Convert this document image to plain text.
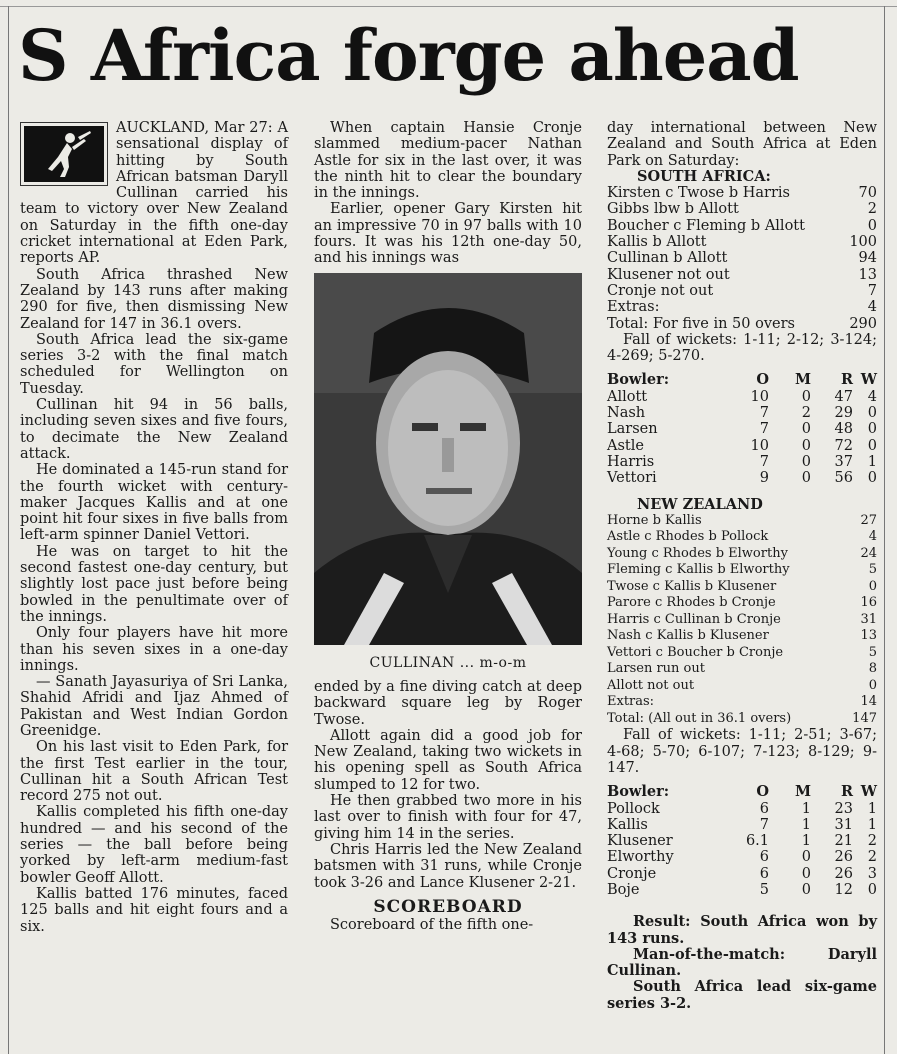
S Africa forge ahead

AUCKLAND, Mar 27: A sensational display of hitting by South African batsman Daryll Cullinan carried his team to victory over New Zealand on Saturday in the fifth one-day cricket international at Eden Park, reports AP.

South Africa thrashed New Zealand by 143 runs after making 290 for five, then dismissing New Zealand for 147 in 36.1 overs.

South Africa lead the six-game series 3-2 with the final match scheduled for Wellington on Tuesday.

Cullinan hit 94 in 56 balls, including seven sixes and five fours, to decimate the New Zealand attack.

He dominated a 145-run stand for the fourth wicket with century-maker Jacques Kallis and at one point hit four sixes in five balls from left-arm spinner Daniel Vettori.

He was on target to hit the second fastest one-day century, but slightly lost pace just before being bowled in the penultimate over of the innings.

Only four players have hit more than his seven sixes in a one-day innings.

— Sanath Jayasuriya of Sri Lanka, Shahid Afridi and Ijaz Ahmed of Pakistan and West Indian Gordon Greenidge.

On his last visit to Eden Park, for the first Test earlier in the tour, Cullinan hit a South African Test record 275 not out.

Kallis completed his fifth one-day hundred — and his second of the series — the ball before being yorked by left-arm medium-fast bowler Geoff Allott.

Kallis batted 176 minutes, faced 125 balls and hit eight fours and a six.

When captain Hansie Cronje slammed medium-pacer Nathan Astle for six in the last over, it was the ninth hit to clear the boundary in the innings.

Earlier, opener Gary Kirsten hit an impressive 70 in 97 balls with 10 fours. It was his 12th one-day 50, and his innings was

CULLINAN ... m-o-m

ended by a fine diving catch at deep backward square leg by Roger Twose.

Allott again did a good job for New Zealand, taking two wickets in his opening spell as South Africa slumped to 12 for two.

He then grabbed two more in his last over to finish with four for 47, giving him 14 in the series.

Chris Harris led the New Zealand batsmen with 31 runs, while Cronje took 3-26 and Lance Klusener 2-21.

SCOREBOARD

Scoreboard of the fifth one-

day international between New Zealand and South Africa at Eden Park on Saturday:

SOUTH AFRICA:
Kirsten c Twose b Harris	70
Gibbs lbw b Allott	2
Boucher c Fleming b Allott	0
Kallis b Allott	100
Cullinan b Allott	94
Klusener not out	13
Cronje not out	7
Extras:	4
Total: For five in 50 overs	290

Fall of wickets: 1-11; 2-12; 3-124; 4-269; 5-270.

Bowler:	O	M	R W
Allott	10	0	47	4
Nash	7	2	29	0
Larsen	7	0	48	0
Astle	10	0	72	0
Harris	7	0	37	1
Vettori	9	0	56	0
NEW ZEALAND
Horne b Kallis	27
Astle c Rhodes b Pollock	4
Young c Rhodes b Elworthy	24
Fleming c Kallis b Elworthy	5
Twose c Kallis b Klusener	0
Parore c Rhodes b Cronje	16
Harris c Cullinan b Cronje	31
Nash c Kallis b Klusener	13
Vettori c Boucher b Cronje	5
Larsen run out	8
Allott not out	0
Extras:	14
Total: (All out in 36.1 overs)	147

Fall of wickets: 1-11; 2-51; 3-67; 4-68; 5-70; 6-107; 7-123; 8-129; 9-147.

Bowler:	O	M	R W
Pollock	6	1	23	1
Kallis	7	1	31	1
Klusener	6.1	1	21	2
Elworthy	6	0	26	2
Cronje	6	0	26	3
Boje	5	0	12	0

Result: South Africa won by 143 runs.

Man-of-the-match: Daryll Cullinan.

South Africa lead six-game series 3-2.
